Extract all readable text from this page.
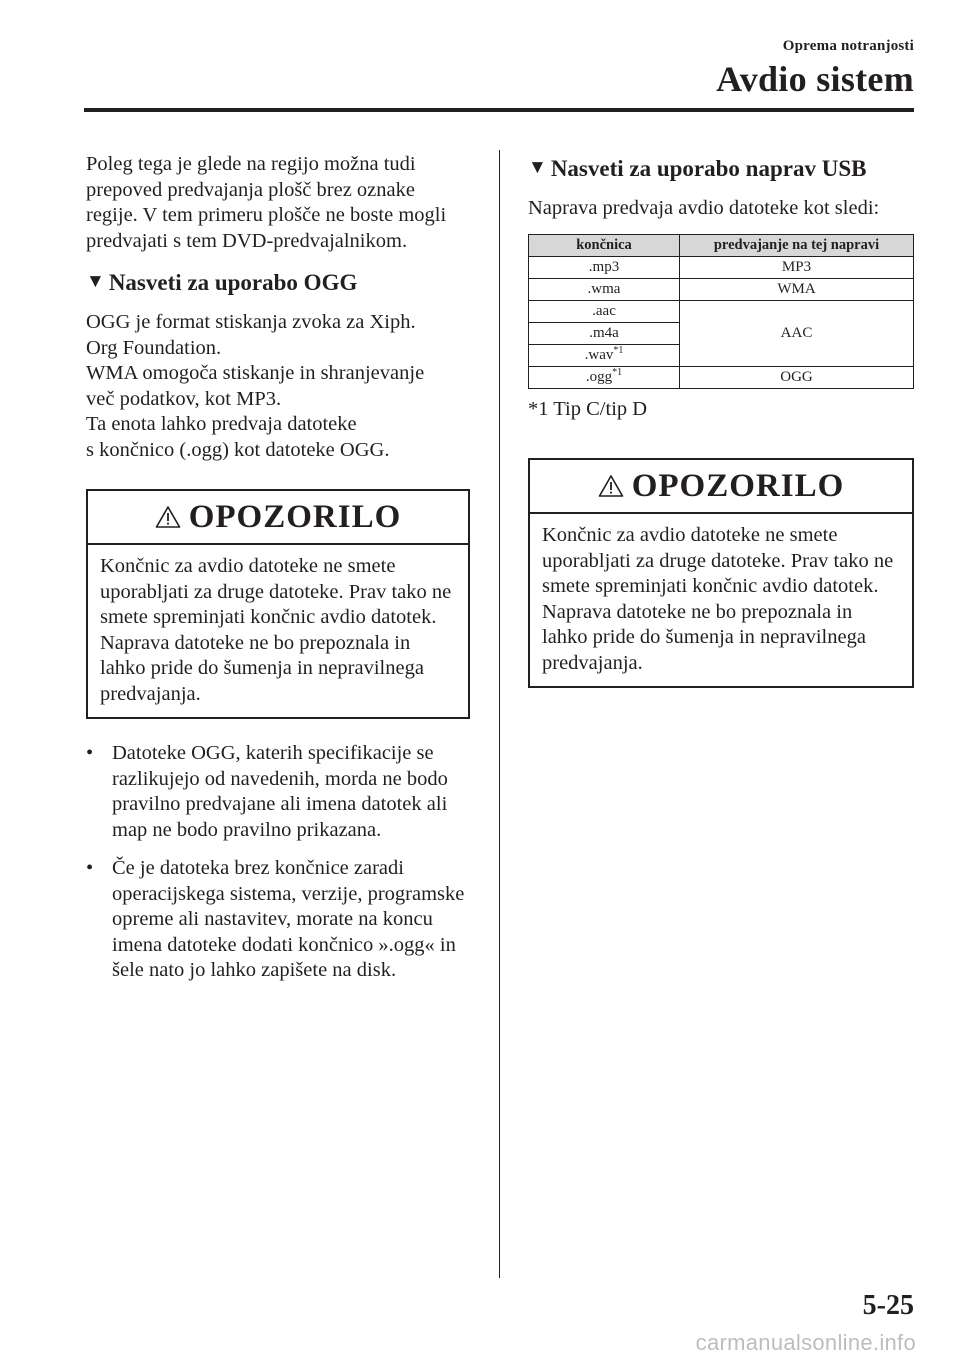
Oprema notranjosti
Avdio sistem

Poleg tega je glede na regijo možna tudi prepoved predvajanja plošč brez oznake regije. V tem primeru plošče ne boste mogli predvajati s tem DVD-predvajalnikom.

▼ Nasveti za uporabo OGG

OGG je format stiskanja zvoka za Xiph.

Org Foundation.

WMA omogoča stiskanje in shranjevanje

več podatkov, kot MP3.

Ta enota lahko predvaja datoteke

s končnico (.ogg) kot datoteke OGG.

OPOZORILO
Končnic za avdio datoteke ne smete uporabljati za druge datoteke. Prav tako ne smete spreminjati končnic avdio datotek. Naprava datoteke ne bo prepoznala in lahko pride do šumenja in nepravilnega predvajanja.
• Datoteke OGG, katerih specifikacije se razlikujejo od navedenih, morda ne bodo pravilno predvajane ali imena datotek ali map ne bodo pravilno prikazana.
• Če je datoteka brez končnice zaradi operacijskega sistema, verzije, programske opreme ali nastavitev, morate na koncu imena datoteke dodati končnico ».ogg« in šele nato jo lahko zapišete na disk.
▼ Nasveti za uporabo naprav USB

Naprava predvaja avdio datoteke kot sledi:

končnica	predvajanje na tej napravi
.mp3	MP3
.wma	WMA
.aac	AAC
.m4a	
.wav$^{*1}$
.ogg$^{*1}$	OGG

*1 Tip C/tip D

OPOZORILO
Končnic za avdio datoteke ne smete uporabljati za druge datoteke. Prav tako ne smete spreminjati končnic avdio datotek. Naprava datoteke ne bo prepoznala in lahko pride do šumenja in nepravilnega predvajanja.
5-25
carmanualsonline.info
